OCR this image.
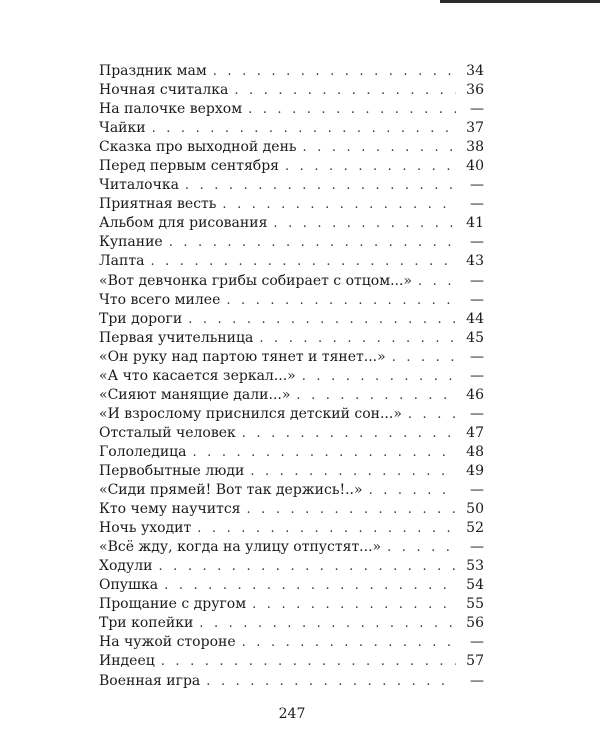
Праздник мам . . .	34
Ночная считалка . . .	36
На палочке верхом . . .	—
Чайки . . .	37
Сказка про выходной день . . .	38
Перед первым сентября . . .	40
Читалочка . . .	—
Приятная весть . . .	—
Альбом для рисования . . .	41
Купание . . .	—
Лапта . . .	43
«Вот девчонка грибы собирает с отцом...» . . .	—
Что всего милее . . .	—
Три дороги . . .	44
Первая учительница . . .	45
«Он руку над партою тянет и тянет...» . . .	—
«А что касается зеркал...» . . .	—
«Сияют манящие дали...» . . .	46
«И взрослому приснился детский сон...» . . .	—
Отсталый человек . . .	47
Гололедица . . .	48
Первобытные люди . . .	49
«Сиди прямей! Вот так держись!..» . . .	—
Кто чему научится . . .	50
Ночь уходит . . .	52
«Всё жду, когда на улицу отпустят...» . . .	—
Ходули . . .	53
Опушка . . .	54
Прощание с другом . . .	55
Три копейки . . .	56
На чужой стороне . . .	—
Индеец . . .	57
Военная игра . . .	—
247
